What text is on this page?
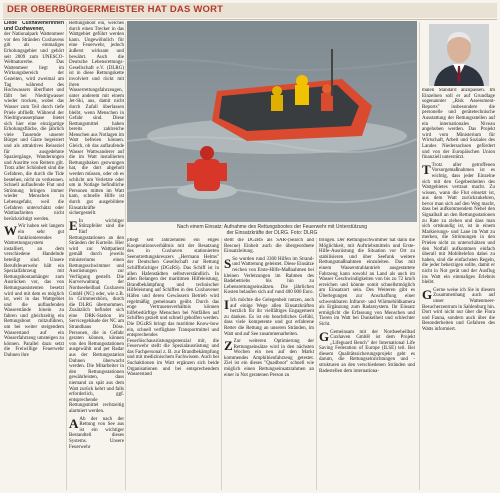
DER OBERBÜRGERMEISTER HAT DAS WORT

Liebe Cuxhavenerinnen und Cuxhavener,

der Nationalpark Wattenmeer vor den Stränden Cuxhavens gilt als einmaliges Erholungsgebiet und gehört seit 2009 zum UNESCO-Weltnaturerbe. Das Wattenmeer liegt im Wirkungsbereich der Gezeiten, wird zweimal am Tag während des Hochwassers überflutet und fällt bei Niedrigwasser wieder trocken, wobei das Wasser zum Teil durch tiefe Priele abfließt. Während der Niedrigwasserphase bietet sich hier eine einzigartige Erholungsfläche, die jährlich viele Tausende unserer Bürger und Gäste begeistert und als attraktives Reiseziel für ausgedehnte Spaziergänge, Wanderungen und Ausritte von Reitern gilt. Trotz aller Schönheit sind die Gefahren, die durch die Tide bestehen, nicht zu verkennen. Schnell auflaufende Flut und Strömung bringen immer wieder Menschen in Lebensgefahr, weil die Gefahren unterschätzt oder Wattlaufzeiten nicht berücksichtigt werden.

W Wir haben seit langem ein sehr gut funktionierendes Wattrettungssystem installiert, an dem verschiedene Handelnde beteiligt sind. Unsere Berufsfeuerwehr hält ein Spezialfahrzeug mit Rettungsbootanhänger zum Ausrücken vor, das von Rettungsassistenten besetzt wird und mit dem es möglich ist, weit in das Wattgebiet und die auflaufenden Wasserstände hinein zu fahren und gleichzeitig ein Rettungsboot mitzuführen, um bei weiter steigendem Wasserstand auf ein Wasserfahrzeug umsteigen zu können. Parallel dazu setzt die Freiwillige Feuerwehr Duhnen ihre

Rettungsboot ein, welches durch einen Trecker in das Wattgebiet geführt werden kann. Ungewöhnlich für eine Feuerwehr, jedoch äußerst wirksam und bewährt. Auch die Deutsche Lebensrettungs-Gesellschaft e.V. (DLRG) ist in diese Rettungskette involviert und rückt mit ihren Wasserrettungsfahrzeugen, unter anderem mit einem Jet-Ski, aus, damit nicht durch Zufall überlassen bleibt, wenn Menschen in Gefahr sind. Diese Rettungsmittel haben bereits zahlreiche Menschen aus Notlagen im Watt befreien können. Gleich, ob das auflaufende Wasser Wattwanderer auf die im Watt installierten Rettungsbaken gezwungen hat, die dort abgeholt werden müssen, oder ob es schlicht um Verletzte oder um in Notlage befindliche Personen mitten im Watt kam, schnelle Hilfe ist durch gut ausgebildete Einsatzkräfte sichergestellt.

E In wichtiger Stützpfeiler sind die fünf Rettungsstationen an den Stränden der Kurteile. Hier wird zur Wattpatient gemäß durch jeweils ministeriums einen Rettungsschwimmer und Ausrüstungen zur Verfügung gestellt. Die Kurverwaltung der Nordseeheilbad Cuxhaven GmbH (NC) oder, wie z.B. in Grimmershörn, durch die DLRG übernommen. Zusätzlich befindet sich eine DRK-Station im Servicegebäude der NC am Strandhaus Döse. Personen, die in Gefahr geraten können, können von den Rettungsstationen ausgewählt und per Radar aus der Rettungsstation Duhnen überwacht werden. Die Mitarbeiter in den Rettungsstationen gewährleisten, dass niemand zu spät aus dem Watt zurück kehrt und falls erforderlich, ggf. entsprechende Rettungsmittel rechtzeitig alarmiert werden.

A Ab der nach der Rettung von See aus ist ein wichtiger Bestandteil dieses Systems. Unsere Feuerwehr

Nach einem Einsatz: Aufnahme des Rettungsbootes der Feuerwehr mit Unterstützung
der Einsatzkräfte der DLRG. Foto: DLRG

pflegt seit Jahrzehnten ein enges Kooperationsverhältnis mit der Besatzung des in Cuxhaven stationierten Seenotrettungskreuzers „Hermann Helms" der Deutschen Gesellschaft zur Rettung Schiffbrüchiger (DGzRS). Das Schiff ist in allen Hafenstädten selbstverständlich. In allen Belangen der maritimen Hilfeleistung, Brandbekämpfung und technischer Hilfeleistung auf Schiffen in den Cuxhavener Häfen und deren Gewässern Betrieb wird regelmäßig gemeinsam geübt. Durch das enge Vertrauensverhältnis können hilfebedürftige Menschen bei Notfällen auf Schiffen gezielt und schnell geholfen werden. Die DGzRS bringt das maritime Know-how ein, schnell verfügbare Transportmittel und entsprechendes Feuerlöschausrüstungspotenzial mit, die Feuerwehr stellt die Spezialausrüstung und das Fachpersonal z. B. zur Brandbekämpfung und mit medizinischem Fachwissen. Auch bei Suchaktionen im Watt ergänzen sich beide Organisationen und bei entsprechendem Wasserstand

stellt die DGzRS als SAR-(Search and Rescue) Einheit auch die übergeordnete Einsatzleitung.

S So wurden rund 3300 Hilfen im Strand- und Wattretung geleistet. Diese Einsätze reichen von Erste-Hilfe-Maßnahmen bei kleinen Verletzungen im Rahmen des Badebetriebs bis hin zu Lebensrettungseinsätzen. Die jährlichen Kosten belaufen sich auf rund 400 000 Euro.

I Ich möchte die Gelegenheit nutzen, auch auf einige Wege allen Einsatzkräften herzlich für ihr vielfältiges Engagement zu danken. Es ist ein beachtliches Gefühl, dass viele kompetente und gut erfahrene Retter die Rettung an unseren Stränden, im Watt und auf See zusammenarbeiten.

Z Zur weiteren Optimierung der Rettungseinsätze wird in den nächsten Wochen ein neu auf den Markt kommendes Amphibienfahrzeug getestet. Ziel ist ein dieses "Quadboot" schnell wie möglich einen Rettungseinsatzrahmen an einer in Not geratenen Person zu

bringen. Der Rettungsschwimmer hat dann die Möglichkeit, mit Auftriebsmitteln und Erste-Hilfe-Ausrüstung die Situation vor Ort zu stabilisieren und über Seefunk weitere Rettungsmaßnahmen einzuleiten. Das mit einem Wasserstrahlantrieb ausgestattete Fahrzeug kann sowohl an Land als auch im Wasser Geschwindigkeiten von bis zu 72 km/h erreichen und könnte somit schnellstmöglich am Einsatzort sein. Des Weiteren gibt es Überlegungen zur Anschaffung einer schwenkbaren Infrarot- und Wärmebildkamera als Ergänzung zum Radarsystem. Ihr Einsatz ermöglicht die Erfassung von Menschen und Tieren im Watt bei Dunkelheit und schlechter Sicht.

G Gemeinsam mit der Nordseeheilbad Cuxhaven GmbH ist dem Projekt „Lifeguard Bench" der International Life Saving Federation of Europe (ILSE) teil. Bei diesem Qualitätssicherungsprojekt geht es darum, die Rettungseinrichtungen und -strukturen an den verschiedenen Stränden und Badestellen dem internationa-

malen Standard anzupassen. Im Einzelnen soll er auf Grundlage sogenannter „Risk Assessment-Reports" insbesondere die personelle und gerätetechnische Ausstattung der Rettungsstellen auf ein internationales Niveau angehoben werden. Das Projekt wird vom Ministerium für Wirtschaft, Arbeit und Soziales des Landes Niedersachsen gefördert und von der Europäischen Union finanziell unterstützt.

T Trotz aller getroffenen Vorsorgemaßnahmen ist es wichtig, dass jeder Einzelne sich mit den Gegebenheiten des Wattgebietes vertraut macht. Zu wissen, wann die Flut einsetzt ist, aus dem Watt zurückzukehren, bevor man sich auf den Weg macht, dass bei aufkommendem Nebel den Signalball an den Rettungsstationen zu Rate zu ziehen und dass man sich ortskundig ist, ist in einem Markierungs- und Lane im Watt zu merken, die Strömungen in den Prielen nicht zu unterschätzen und den Notfall aufkommen einfach überall mit Mobiltelefon dabei zu haben, sind die einfachsten Regeln, die jeder beherzigen sollte, damit er nicht in Not gerät und der Ausflug ins Watt ein einmaliges Erlebnis bleibt.

G Gerne weise ich Sie in diesem Zusammenhang auch auf unser Wattenmeer-Besucherzentrum in Sahlenburg hin. Dort wird nicht nur über die Flora und Fauna, sondern auch über die Besonderheiten und Gefahren des Watts informiert.
